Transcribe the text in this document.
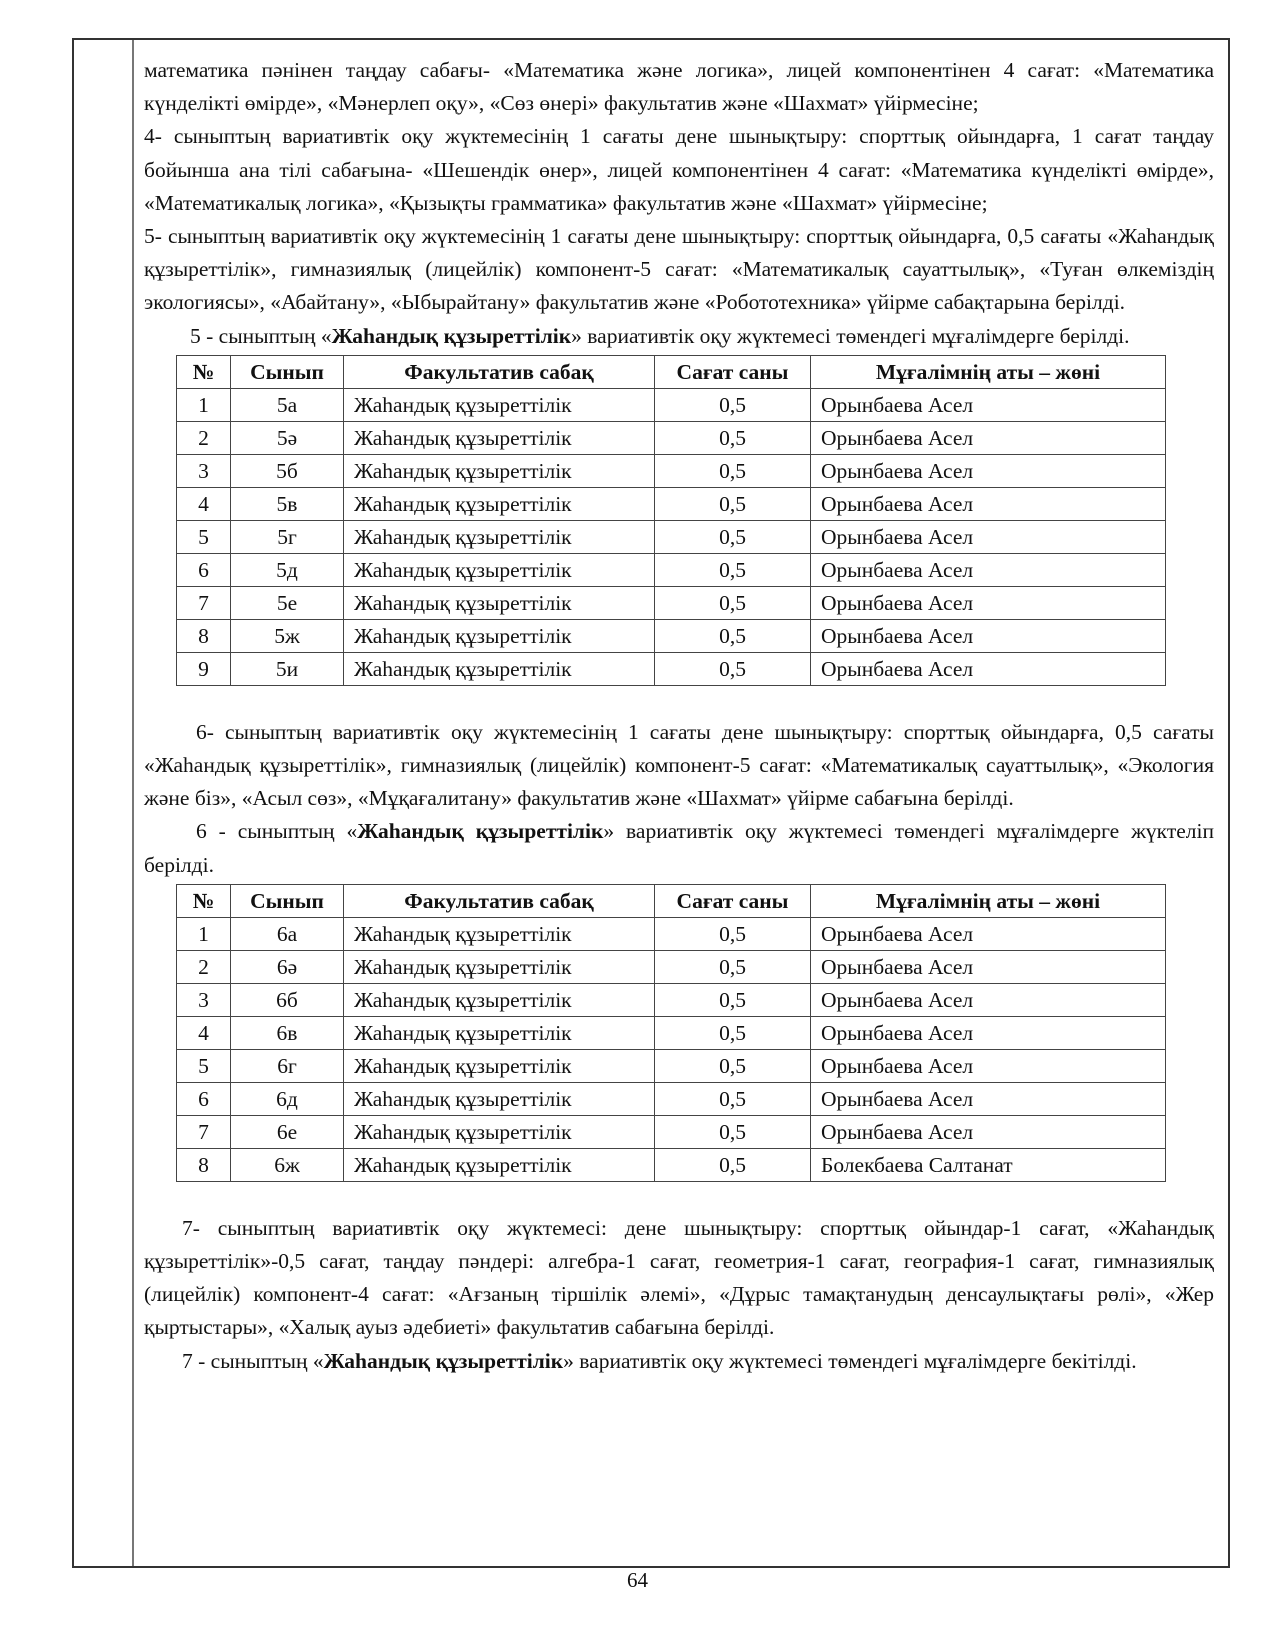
математика пәнінен таңдау сабағы- «Математика және логика», лицей компонентінен 4 сағат: «Математика күнделікті өмірде», «Мәнерлеп оқу», «Сөз өнері» факультатив және «Шахмат» үйірмесіне;

4- сыныптың вариативтік оқу жүктемесінің 1 сағаты дене шынықтыру: спорттық ойындарға, 1 сағат таңдау бойынша ана тілі сабағына- «Шешендік өнер», лицей компонентінен 4 сағат: «Математика күнделікті өмірде», «Математикалық логика», «Қызықты грамматика» факультатив және «Шахмат» үйірмесіне;

5- сыныптың вариативтік оқу жүктемесінің 1 сағаты дене шынықтыру: спорттық ойындарға, 0,5 сағаты «Жаһандық құзыреттілік», гимназиялық (лицейлік) компонент-5 сағат: «Математикалық сауаттылық», «Туған өлкеміздің экологиясы», «Абайтану», «Ыбырайтану» факультатив және «Робототехника» үйірме сабақтарына берілді.

5 - сыныптың «Жаһандық құзыреттілік» вариативтік оқу жүктемесі төмендегі мұғалімдерге берілді.

№	Сынып	Факультатив сабақ	Сағат саны	Мұғалімнің аты – жөні
1	5а	Жаһандық құзыреттілік	0,5	Орынбаева Асел
2	5ә	Жаһандық құзыреттілік	0,5	Орынбаева Асел
3	5б	Жаһандық құзыреттілік	0,5	Орынбаева Асел
4	5в	Жаһандық құзыреттілік	0,5	Орынбаева Асел
5	5г	Жаһандық құзыреттілік	0,5	Орынбаева Асел
6	5д	Жаһандық құзыреттілік	0,5	Орынбаева Асел
7	5е	Жаһандық құзыреттілік	0,5	Орынбаева Асел
8	5ж	Жаһандық құзыреттілік	0,5	Орынбаева Асел
9	5и	Жаһандық құзыреттілік	0,5	Орынбаева Асел

6- сыныптың вариативтік оқу жүктемесінің 1 сағаты дене шынықтыру: спорттық ойындарға, 0,5 сағаты «Жаһандық құзыреттілік», гимназиялық (лицейлік) компонент-5 сағат: «Математикалық сауаттылық», «Экология және біз», «Асыл сөз», «Мұқағалитану» факультатив және «Шахмат» үйірме сабағына берілді.

6 - сыныптың «Жаһандық құзыреттілік» вариативтік оқу жүктемесі төмендегі мұғалімдерге жүктеліп берілді.

№	Сынып	Факультатив сабақ	Сағат саны	Мұғалімнің аты – жөні
1	6а	Жаһандық құзыреттілік	0,5	Орынбаева Асел
2	6ә	Жаһандық құзыреттілік	0,5	Орынбаева Асел
3	6б	Жаһандық құзыреттілік	0,5	Орынбаева Асел
4	6в	Жаһандық құзыреттілік	0,5	Орынбаева Асел
5	6г	Жаһандық құзыреттілік	0,5	Орынбаева Асел
6	6д	Жаһандық құзыреттілік	0,5	Орынбаева Асел
7	6е	Жаһандық құзыреттілік	0,5	Орынбаева Асел
8	6ж	Жаһандық құзыреттілік	0,5	Болекбаева Салтанат

7- сыныптың вариативтік оқу жүктемесі: дене шынықтыру: спорттық ойындар-1 сағат, «Жаһандық құзыреттілік»-0,5 сағат, таңдау пәндері: алгебра-1 сағат, геометрия-1 сағат, география-1 сағат, гимназиялық (лицейлік) компонент-4 сағат: «Ағзаның тіршілік әлемі», «Дұрыс тамақтанудың денсаулықтағы рөлі», «Жер қыртыстары», «Халық ауыз әдебиеті» факультатив сабағына берілді.

7 - сыныптың «Жаһандық құзыреттілік» вариативтік оқу жүктемесі төмендегі мұғалімдерге бекітілді.

64
